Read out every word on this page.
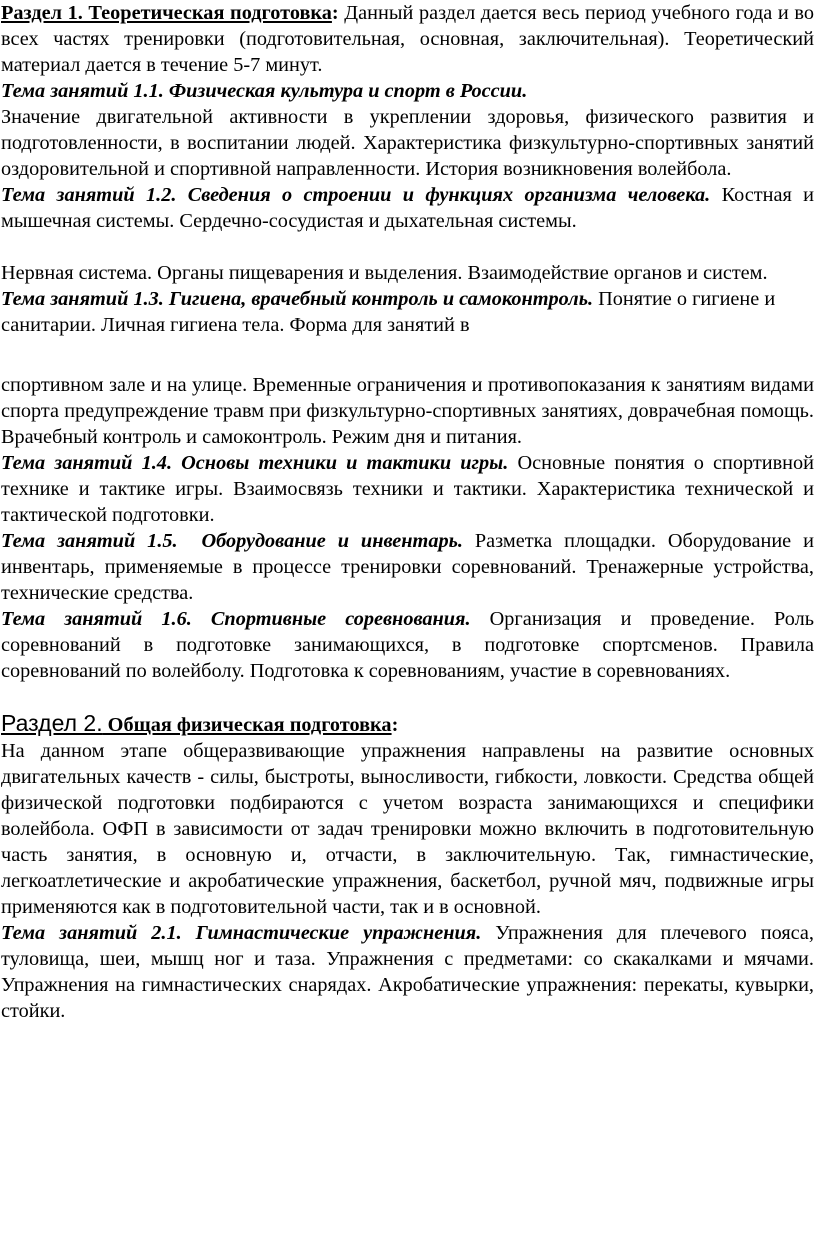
Раздел 1. Теоретическая подготовка: Данный раздел дается весь период учебного года и во всех частях тренировки (подготовительная, основная, заключительная). Теоретический материал дается в течение 5-7 минут.

Тема занятий 1.1. Физическая культура и спорт в России.

Значение двигательной активности в укреплении здоровья, физического развития и подготовленности, в воспитании людей. Характеристика физкультурно-спортивных занятий оздоровительной и спортивной направленности. История возникновения волейбола.

Тема занятий 1.2. Сведения о строении и функциях организма человека. Костная и мышечная системы. Сердечно-сосудистая и дыхательная системы.

Нервная система. Органы пищеварения и выделения. Взаимодействие органов и систем.

Тема занятий 1.3. Гигиена, врачебный контроль и самоконтроль. Понятие о гигиене и санитарии. Личная гигиена тела. Форма для занятий в

спортивном зале и на улице. Временные ограничения и противопоказания к занятиям видами спорта предупреждение травм при физкультурно-спортивных занятиях, доврачебная помощь. Врачебный контроль и самоконтроль. Режим дня и питания.

Тема занятий 1.4. Основы техники и тактики игры. Основные понятия о спортивной технике и тактике игры. Взаимосвязь техники и тактики. Характеристика технической и тактической подготовки.

Тема занятий 1.5.  Оборудование и инвентарь. Разметка площадки. Оборудование и инвентарь, применяемые в процессе тренировки соревнований. Тренажерные устройства, технические средства.

Тема занятий 1.6. Спортивные соревнования. Организация и проведение. Роль соревнований в подготовке занимающихся, в подготовке спортсменов. Правила соревнований по волейболу. Подготовка к соревнованиям, участие в соревнованиях.

Раздел 2. Общая физическая подготовка:

На данном этапе общеразвивающие упражнения направлены на развитие основных двигательных качеств - силы, быстроты, выносливости, гибкости, ловкости. Средства общей физической подготовки подбираются с учетом возраста занимающихся и специфики волейбола. ОФП в зависимости от задач тренировки можно включить в подготовительную часть занятия, в основную и, отчасти, в заключительную. Так, гимнастические, легкоатлетические и акробатические упражнения, баскетбол, ручной мяч, подвижные игры применяются как в подготовительной части, так и в основной.

Тема занятий 2.1. Гимнастические упражнения. Упражнения для плечевого пояса, туловища, шеи, мышц ног и таза. Упражнения с предметами: со скакалками и мячами. Упражнения на гимнастических снарядах. Акробатические упражнения: перекаты, кувырки, стойки.
